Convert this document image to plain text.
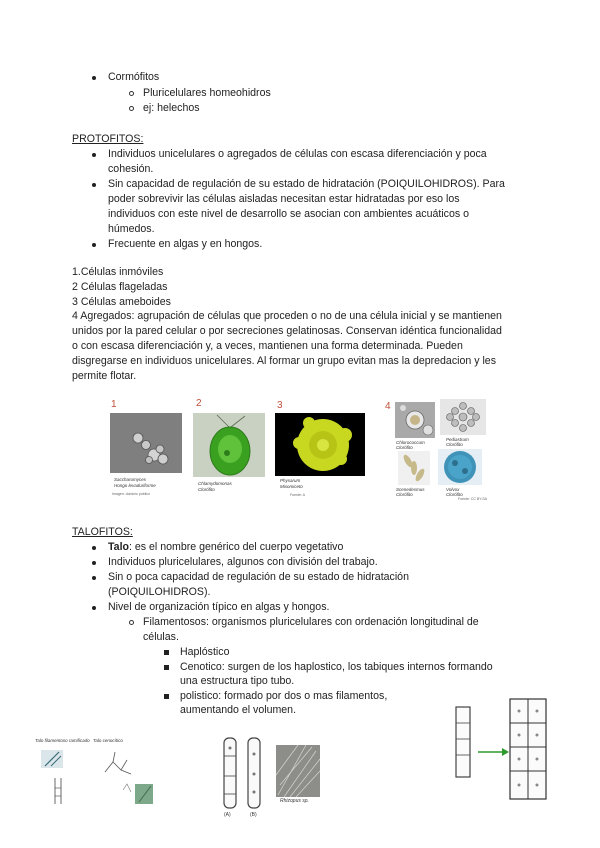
Cormófitos
Pluricelulares homeohidros
ej: helechos
PROTOFITOS:
Individuos unicelulares o agregados de células con escasa diferenciación y poca
cohesión.
Sin capacidad de regulación de su estado de hidratación (POIQUILOHIDROS). Para
poder sobrevivir las células aisladas necesitan estar hidratadas por eso los
individuos con este nivel de desarrollo se asocian con ambientes acuáticos o
húmedos.
Frecuente en algas y en hongos.
1.Células inmóviles
2 Células flageladas
3 Células ameboides
4 Agregados: agrupación de células que proceden o no de una célula inicial y se mantienen
unidos por la pared celular o por secreciones gelatinosas. Conservan idéntica funcionalidad
o con escasa diferenciación y, a veces, mantienen una forma determinada. Pueden
disgregarse en individuos unicelulares. Al formar un grupo evitan mas la depredacion y les
permite flotar.
1	2	3	4
Saccharomyces
Hongo levaduriforme
Imagen: dominio público
Chlamydomonas
Clorófito
Physarum
Mixomiceto
Fuente: A
Chlorococcum
Clorófito
Pediastrum
Clorófito
Scenedesmus
Clorófito
Volvox
Clorófito
Fuente: CC BY-SA
TALOFITOS:
Talo: es el nombre genérico del cuerpo vegetativo
Individuos pluricelulares, algunos con división del trabajo.
Sin o poca capacidad de regulación de su estado de hidratación
(POIQUILOHIDROS).
Nivel de organización típico en algas y hongos.
Filamentosos: organismos pluricelulares con ordenación longitudinal de
células.
Haplóstico
Cenotico: surgen de los haplostico, los tabiques internos formando
una estructura tipo tubo.
polistico: formado por dos o mas filamentos,
aumentando el volumen.
Talo filamentoso ramificado Talo cenocítico
(A)	(B)
Rhizopus sp.
